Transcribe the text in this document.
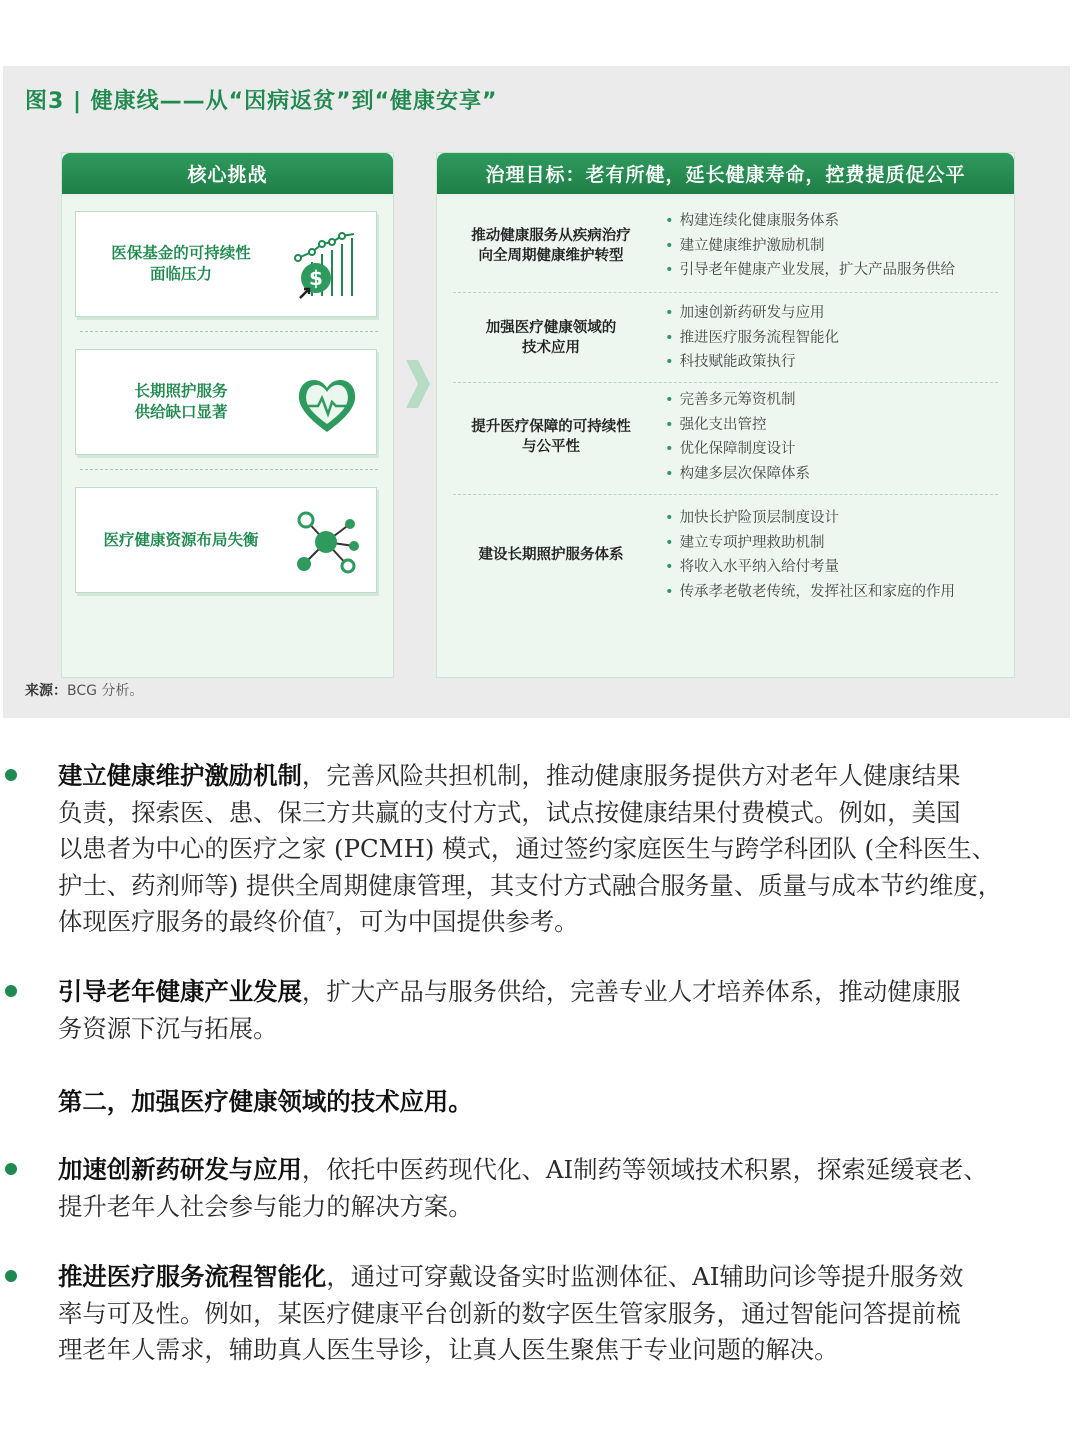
图3 | 健康线——从“因病返贫”到“健康安享”
核心挑战
医保基金的可持续性
面临压力	$
长期照护服务
供给缺口显著
医疗健康资源布局失衡
治理目标：老有所健，延长健康寿命，控费提质促公平
推动健康服务从疾病治疗
向全周期健康维护转型
• 构建连续化健康服务体系
• 建立健康维护激励机制
• 引导老年健康产业发展，扩大产品服务供给
加强医疗健康领域的
技术应用
• 加速创新药研发与应用
• 推进医疗服务流程智能化
• 科技赋能政策执行
提升医疗保障的可持续性
与公平性
• 完善多元筹资机制
• 强化支出管控
• 优化保障制度设计
• 构建多层次保障体系
建设长期照护服务体系
• 加快长护险顶层制度设计
• 建立专项护理救助机制
• 将收入水平纳入给付考量
• 传承孝老敬老传统，发挥社区和家庭的作用
来源：BCG 分析。
建立健康维护激励机制，完善风险共担机制，推动健康服务提供方对老年人健康结果
负责，探索医、患、保三方共赢的支付方式，试点按健康结果付费模式。例如，美国
以患者为中心的医疗之家 (PCMH) 模式，通过签约家庭医生与跨学科团队 (全科医生、
护士、药剂师等) 提供全周期健康管理，其支付方式融合服务量、质量与成本节约维度，
体现医疗服务的最终价值$^7$，可为中国提供参考。
引导老年健康产业发展，扩大产品与服务供给，完善专业人才培养体系，推动健康服
务资源下沉与拓展。
第二，加强医疗健康领域的技术应用。
加速创新药研发与应用，依托中医药现代化、AI制药等领域技术积累，探索延缓衰老、
提升老年人社会参与能力的解决方案。
推进医疗服务流程智能化，通过可穿戴设备实时监测体征、AI辅助问诊等提升服务效
率与可及性。例如，某医疗健康平台创新的数字医生管家服务，通过智能问答提前梳
理老年人需求，辅助真人医生导诊，让真人医生聚焦于专业问题的解决。
